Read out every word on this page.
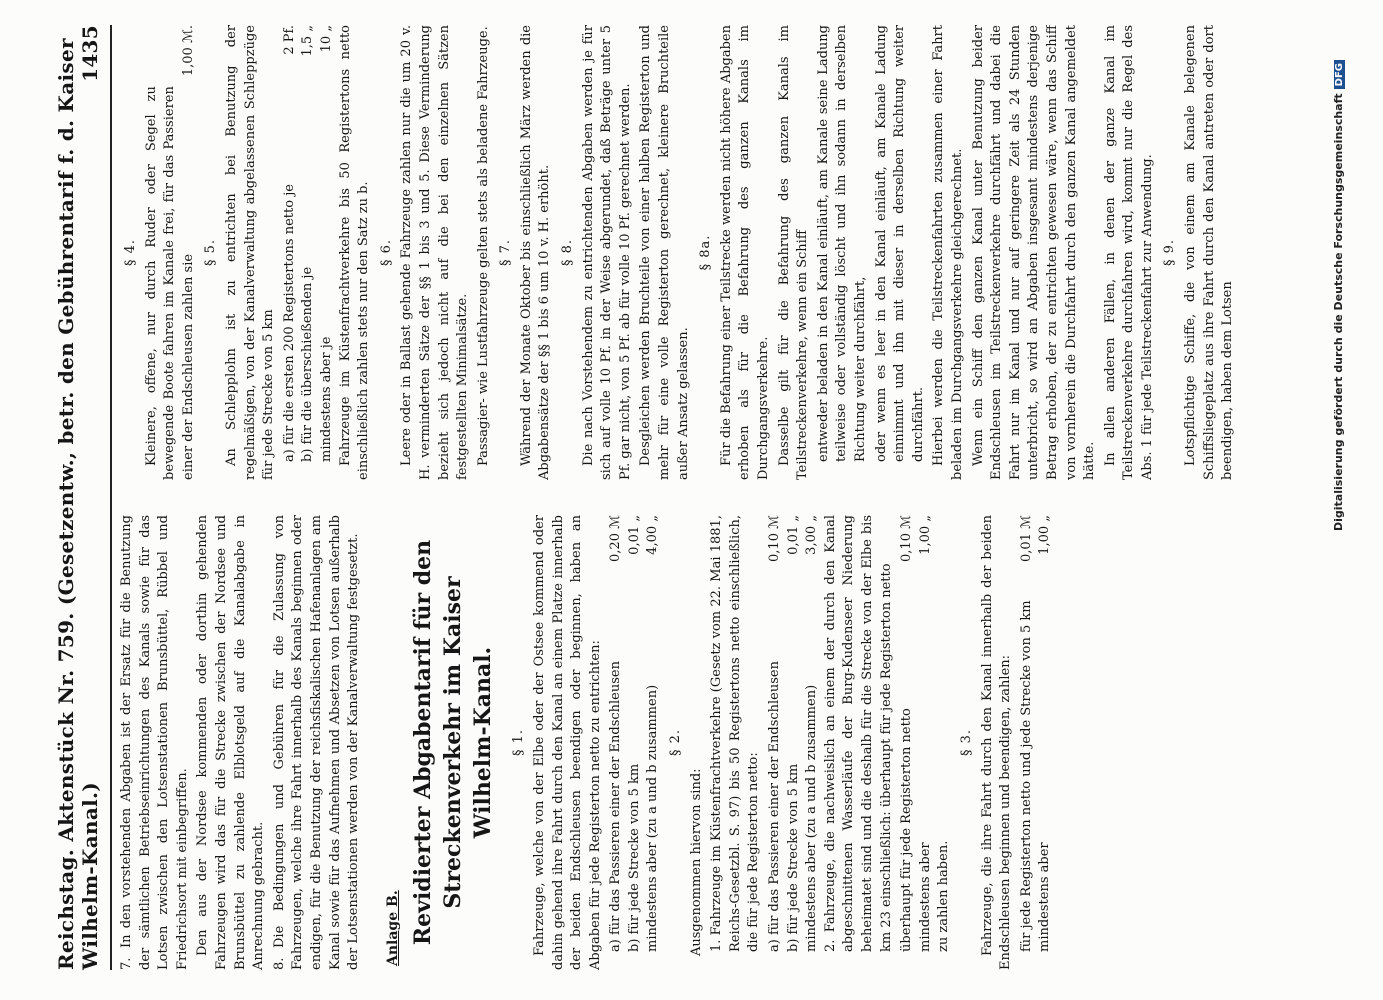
Reichstag. Aktenstück Nr. 759. (Gesetzentw., betr. den Gebührentarif f. d. Kaiser Wilhelm-Kanal.)
1435

7.In den vorstehenden Abgaben ist der Ersatz für die Benutzung der sämtlichen Betriebseinrichtungen des Kanals sowie für das Lotsen zwischen den Lotsenstationen Brunsbüttel, Rübbel und Friedrichsort mit einbegriffen. Den aus der Nordsee kommenden oder dorthin gehenden Fahrzeugen wird das für die Strecke zwischen der Nordsee und Brunsbüttel zu zahlende Elblotsgeld auf die Kanalabgabe in Anrechnung gebracht. 8.Die Bedingungen und Gebühren für die Zulassung von Fahrzeugen, welche ihre Fahrt innerhalb des Kanals beginnen oder endigen, für die Benutzung der reichsfiskalischen Hafenanlagen am Kanal sowie für das Aufnehmen und Absetzen von Lotsen außerhalb der Lotsenstationen werden von der Kanalverwaltung festgesetzt. Anlage B. Revidierter Abgabentarif für den Streckenverkehr im Kaiser Wilhelm-Kanal. § 1. Fahrzeuge, welche von der Elbe oder der Ostsee kommend oder dahin gehend ihre Fahrt durch den Kanal an einem Platze innerhalb der beiden Endschleusen beendigen oder beginnen, haben an Abgaben für jede Registerton netto zu entrichten: a) für das Passieren einer der Endschleusen
0,20 ℳ
b) für jede Strecke von 5 km
0,01 „
mindestens aber (zu a und b zusammen)
4,00 „
§ 2.

Ausgenommen hiervon sind: 1. Fahrzeuge im Küstenfrachtverkehre (Gesetz vom 22. Mai 1881, Reichs-Gesetzbl. S. 97) bis 50 Registertons netto einschließlich, die für jede Registerton netto: a) für das Passieren einer der Endschleusen
0,10 ℳ
b) für jede Strecke von 5 km
0,01 „
mindestens aber (zu a und b zusammen)
3,00 „ 2. Fahrzeuge, die nachweislich an einem der durch den Kanal abgeschnittenen Wasserläufe der Burg-Kudenseer Niederung beheimatet sind und die deshalb für die Strecke von der Elbe bis km 23 einschließlich: überhaupt für jede Registerton netto überhaupt für jede Registerton netto
0,10 ℳ
mindestens aber
1,00 „

zu zahlen haben.

§ 3. Fahrzeuge, die ihre Fahrt durch den Kanal innerhalb der beiden Endschleusen beginnen und beendigen, zahlen: für jede Registerton netto und jede Strecke von 5 km
0,01 ℳ
mindestens aber
1,00 „
§ 4. Kleinere, offene, nur durch Ruder oder Segel zu bewegende Boote fahren im Kanale frei, für das Passieren einer der Endschleusen zahlen sie
1,00 ℳ.
§ 5. An Schlepplohn ist zu entrichten bei Benutzung der regelmäßigen, von der Kanalverwaltung abgelassenen Schleppzüge für jede Strecke von 5 km a) für die ersten 200 Registertons netto je
2 Pf.
b) für die überschießenden je
1,5 „
mindestens aber je
10 „ Fahrzeuge im Küstenfrachtverkehre bis 50 Registertons netto einschließlich zahlen stets nur den Satz zu b. § 6. Leere oder in Ballast gehende Fahrzeuge zahlen nur die um 20 v. H. verminderten Sätze der §§ 1 bis 3 und 5. Diese Verminderung bezieht sich jedoch nicht auf die bei den einzelnen Sätzen festgestellten Minimalsätze. Passagier- wie Lustfahrzeuge gelten stets als beladene Fahrzeuge. § 7. Während der Monate Oktober bis einschließlich März werden die Abgabensätze der §§ 1 bis 6 um 10 v. H. erhöht. § 8. Die nach Vorstehendem zu entrichtenden Abgaben werden je für sich auf volle 10 Pf. in der Weise abgerundet, daß Beträge unter 5 Pf. gar nicht, von 5 Pf. ab für volle 10 Pf. gerechnet werden. Desgleichen werden Bruchteile von einer halben Registerton und mehr für eine volle Registerton gerechnet, kleinere Bruchteile außer Ansatz gelassen.

§ 8a. Für die Befahrung einer Teilstrecke werden nicht höhere Abgaben erhoben als für die Befahrung des ganzen Kanals im Durchgangsverkehre. Dasselbe gilt für die Befahrung des ganzen Kanals im Teilstreckenverkehre, wenn ein Schiff entweder beladen in den Kanal einläuft, am Kanale seine Ladung teilweise oder vollständig löscht und ihn sodann in derselben Richtung weiter durchfährt, oder wenn es leer in den Kanal einläuft, am Kanale Ladung einnimmt und ihn mit dieser in derselben Richtung weiter durchfährt. Hierbei werden die Teilstreckenfahrten zusammen einer Fahrt beladen im Durchgangsverkehre gleichgerechnet. Wenn ein Schiff den ganzen Kanal unter Benutzung beider Endschleusen im Teilstreckenverkehre durchfährt und dabei die Fahrt nur im Kanal und nur auf geringere Zeit als 24 Stunden unterbricht, so wird an Abgaben insgesamt mindestens derjenige Betrag erhoben, der zu entrichten gewesen wäre, wenn das Schiff von vornherein die Durchfahrt durch den ganzen Kanal angemeldet hätte. In allen anderen Fällen, in denen der ganze Kanal im Teilstreckenverkehre durchfahren wird, kommt nur die Regel des Abs. 1 für jede Teilstreckenfahrt zur Anwendung. § 9. Lotspflichtige Schiffe, die von einem am Kanale belegenen Schiffsliegeplatz aus ihre Fahrt durch den Kanal antreten oder dort beendigen, haben dem Lotsen	Digitalisierung gefördert durch die Deutsche ForschungsgemeinschaftDFG
